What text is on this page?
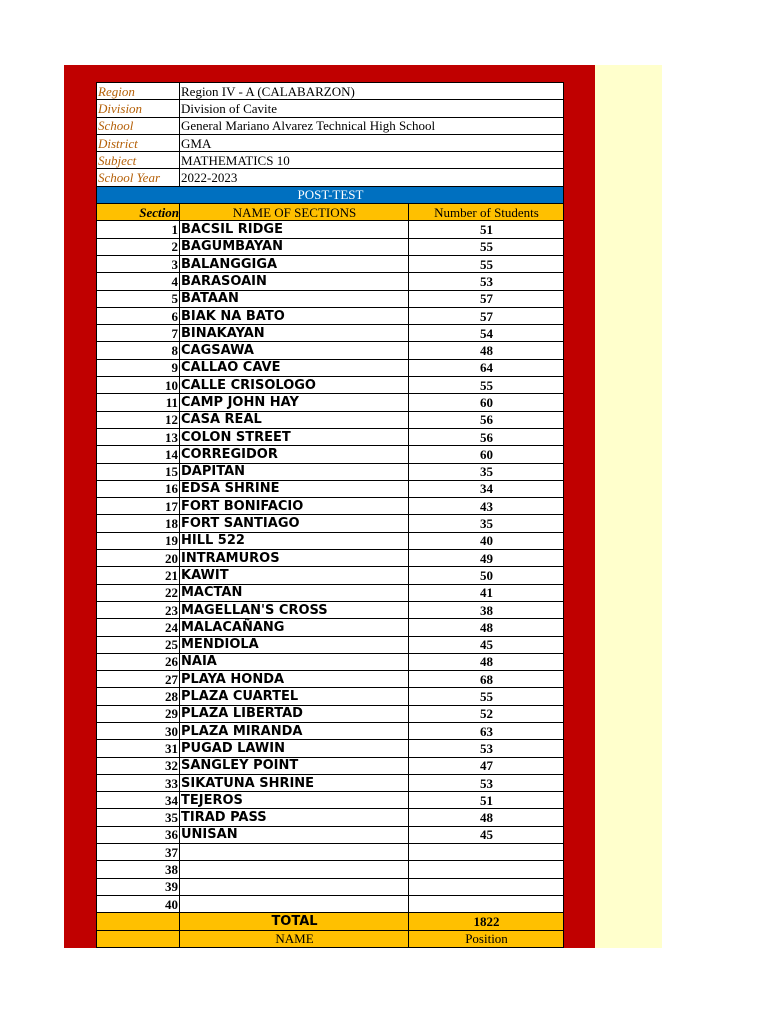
Region	Region IV - A (CALABARZON)	
Division	Division of Cavite	
School	General Mariano Alvarez Technical High School	
District	GMA	
Subject	MATHEMATICS 10	
School Year	2022-2023	
POST-TEST		
Section	NAME OF SECTIONS	Number of Students
1	BACSIL RIDGE	51
2	BAGUMBAYAN	55
3	BALANGGIGA	55
4	BARASOAIN	53
5	BATAAN	57
6	BIAK NA BATO	57
7	BINAKAYAN	54
8	CAGSAWA	48
9	CALLAO CAVE	64
10	CALLE CRISOLOGO	55
11	CAMP JOHN HAY	60
12	CASA REAL	56
13	COLON STREET	56
14	CORREGIDOR	60
15	DAPITAN	35
16	EDSA SHRINE	34
17	FORT BONIFACIO	43
18	FORT SANTIAGO	35
19	HILL 522	40
20	INTRAMUROS	49
21	KAWIT	50
22	MACTAN	41
23	MAGELLAN'S CROSS	38
24	MALACAÑANG	48
25	MENDIOLA	45
26	NAIA	48
27	PLAYA HONDA	68
28	PLAZA CUARTEL	55
29	PLAZA LIBERTAD	52
30	PLAZA MIRANDA	63
31	PUGAD LAWIN	53
32	SANGLEY POINT	47
33	SIKATUNA SHRINE	53
34	TEJEROS	51
35	TIRAD PASS	48
36	UNISAN	45
37		
38		
39		
40		
	TOTAL	1822
	NAME	Position
